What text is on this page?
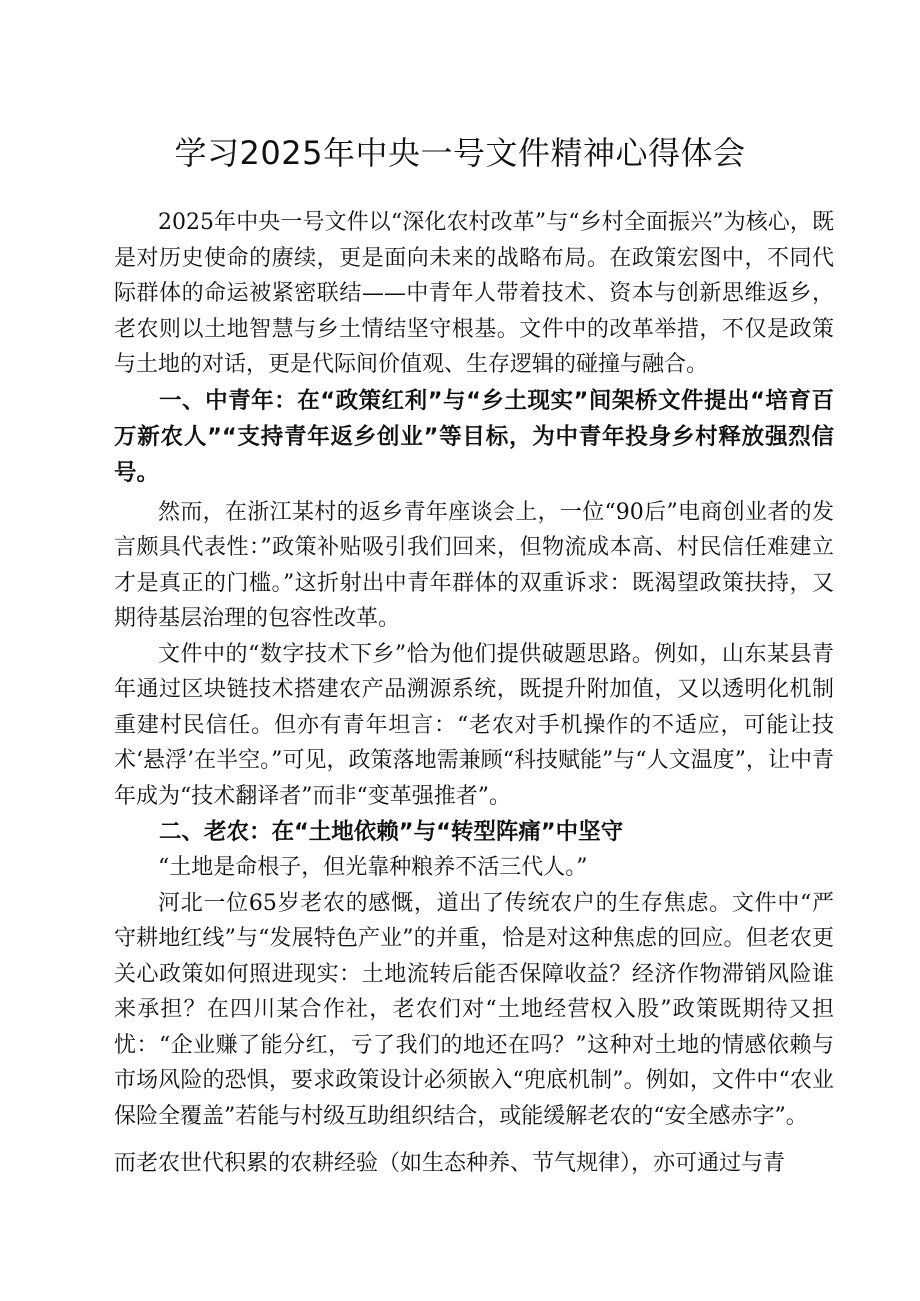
学习2025年中央一号文件精神心得体会

2025年中央一号文件以“深化农村改革”与“乡村全面振兴”为核心，既是对历史使命的赓续，更是面向未来的战略布局。在政策宏图中，不同代际群体的命运被紧密联结——中青年人带着技术、资本与创新思维返乡，老农则以土地智慧与乡土情结坚守根基。文件中的改革举措，不仅是政策与土地的对话，更是代际间价值观、生存逻辑的碰撞与融合。

一、中青年：在“政策红利”与“乡土现实”间架桥文件提出“培育百万新农人”“支持青年返乡创业”等目标，为中青年投身乡村释放强烈信号。

然而，在浙江某村的返乡青年座谈会上，一位“90后”电商创业者的发言颇具代表性：”政策补贴吸引我们回来，但物流成本高、村民信任难建立才是真正的门槛。”这折射出中青年群体的双重诉求：既渴望政策扶持，又期待基层治理的包容性改革。

文件中的“数字技术下乡”恰为他们提供破题思路。例如，山东某县青年通过区块链技术搭建农产品溯源系统，既提升附加值，又以透明化机制重建村民信任。但亦有青年坦言：“老农对手机操作的不适应，可能让技术‘悬浮’在半空。”可见，政策落地需兼顾“科技赋能”与“人文温度”，让中青年成为“技术翻译者”而非“变革强推者”。

二、老农：在“土地依赖”与“转型阵痛”中坚守

“土地是命根子，但光靠种粮养不活三代人。”

河北一位65岁老农的感慨，道出了传统农户的生存焦虑。文件中“严守耕地红线”与“发展特色产业”的并重，恰是对这种焦虑的回应。但老农更关心政策如何照进现实：土地流转后能否保障收益？经济作物滞销风险谁来承担？在四川某合作社，老农们对“土地经营权入股”政策既期待又担忧：“企业赚了能分红，亏了我们的地还在吗？”这种对土地的情感依赖与市场风险的恐惧，要求政策设计必须嵌入“兜底机制”。例如，文件中“农业保险全覆盖”若能与村级互助组织结合，或能缓解老农的“安全感赤字”。

而老农世代积累的农耕经验（如生态种养、节气规律），亦可通过与青
